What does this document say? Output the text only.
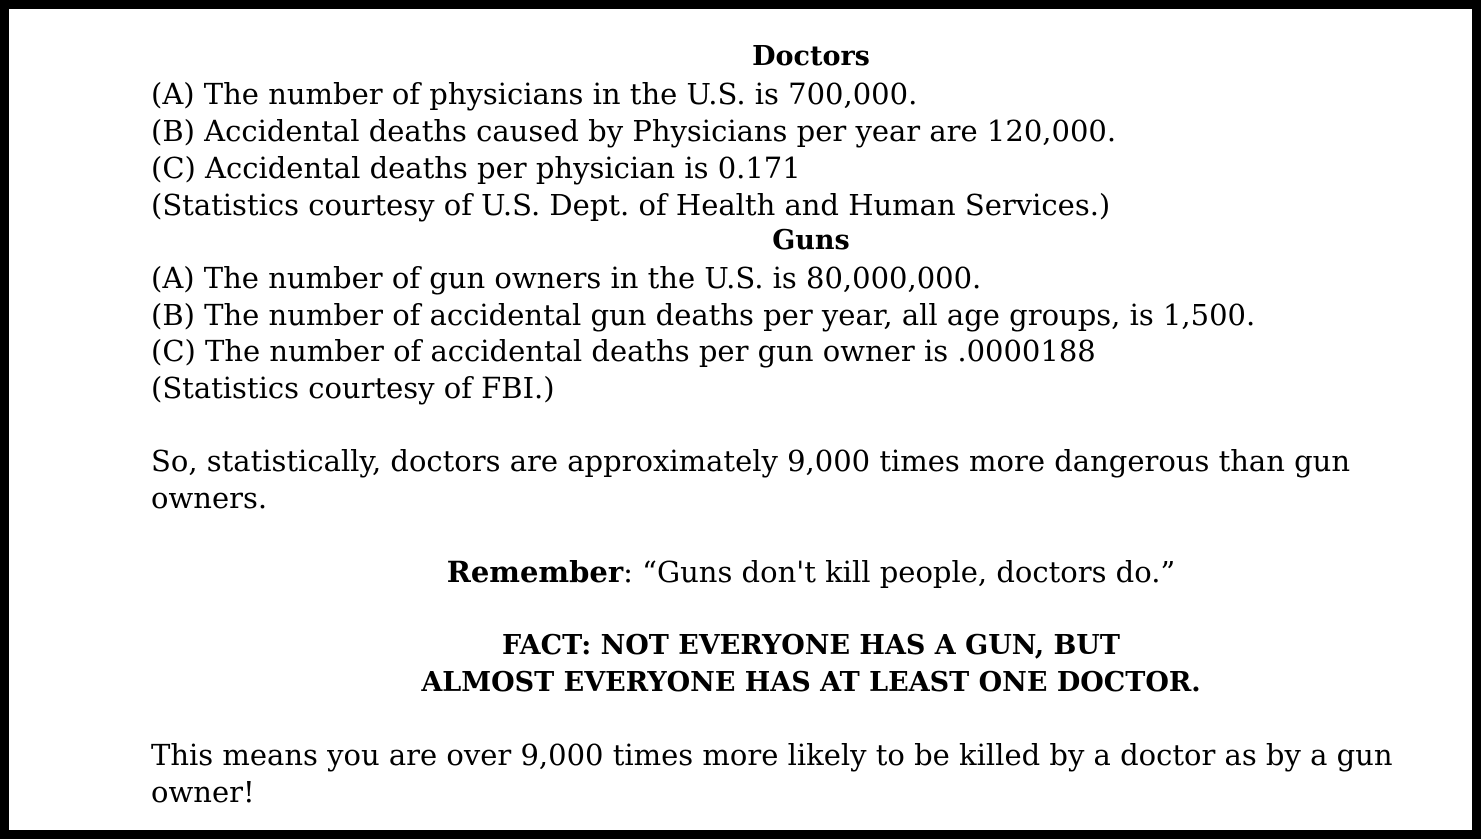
Doctors
(A) The number of physicians in the U.S. is 700,000.
(B) Accidental deaths caused by Physicians per year are 120,000.
(C) Accidental deaths per physician is 0.171
(Statistics courtesy of U.S. Dept. of Health and Human Services.)
Guns
(A) The number of gun owners in the U.S. is 80,000,000.
(B) The number of accidental gun deaths per year, all age groups, is 1,500.
(C) The number of accidental deaths per gun owner is .0000188
(Statistics courtesy of FBI.)
So, statistically, doctors are approximately 9,000 times more dangerous than gun owners.
Remember: “Guns don't kill people, doctors do.”
FACT: NOT EVERYONE HAS A GUN, BUT
ALMOST EVERYONE HAS AT LEAST ONE DOCTOR.
This means you are over 9,000 times more likely to be killed by a doctor as by a gun owner!
